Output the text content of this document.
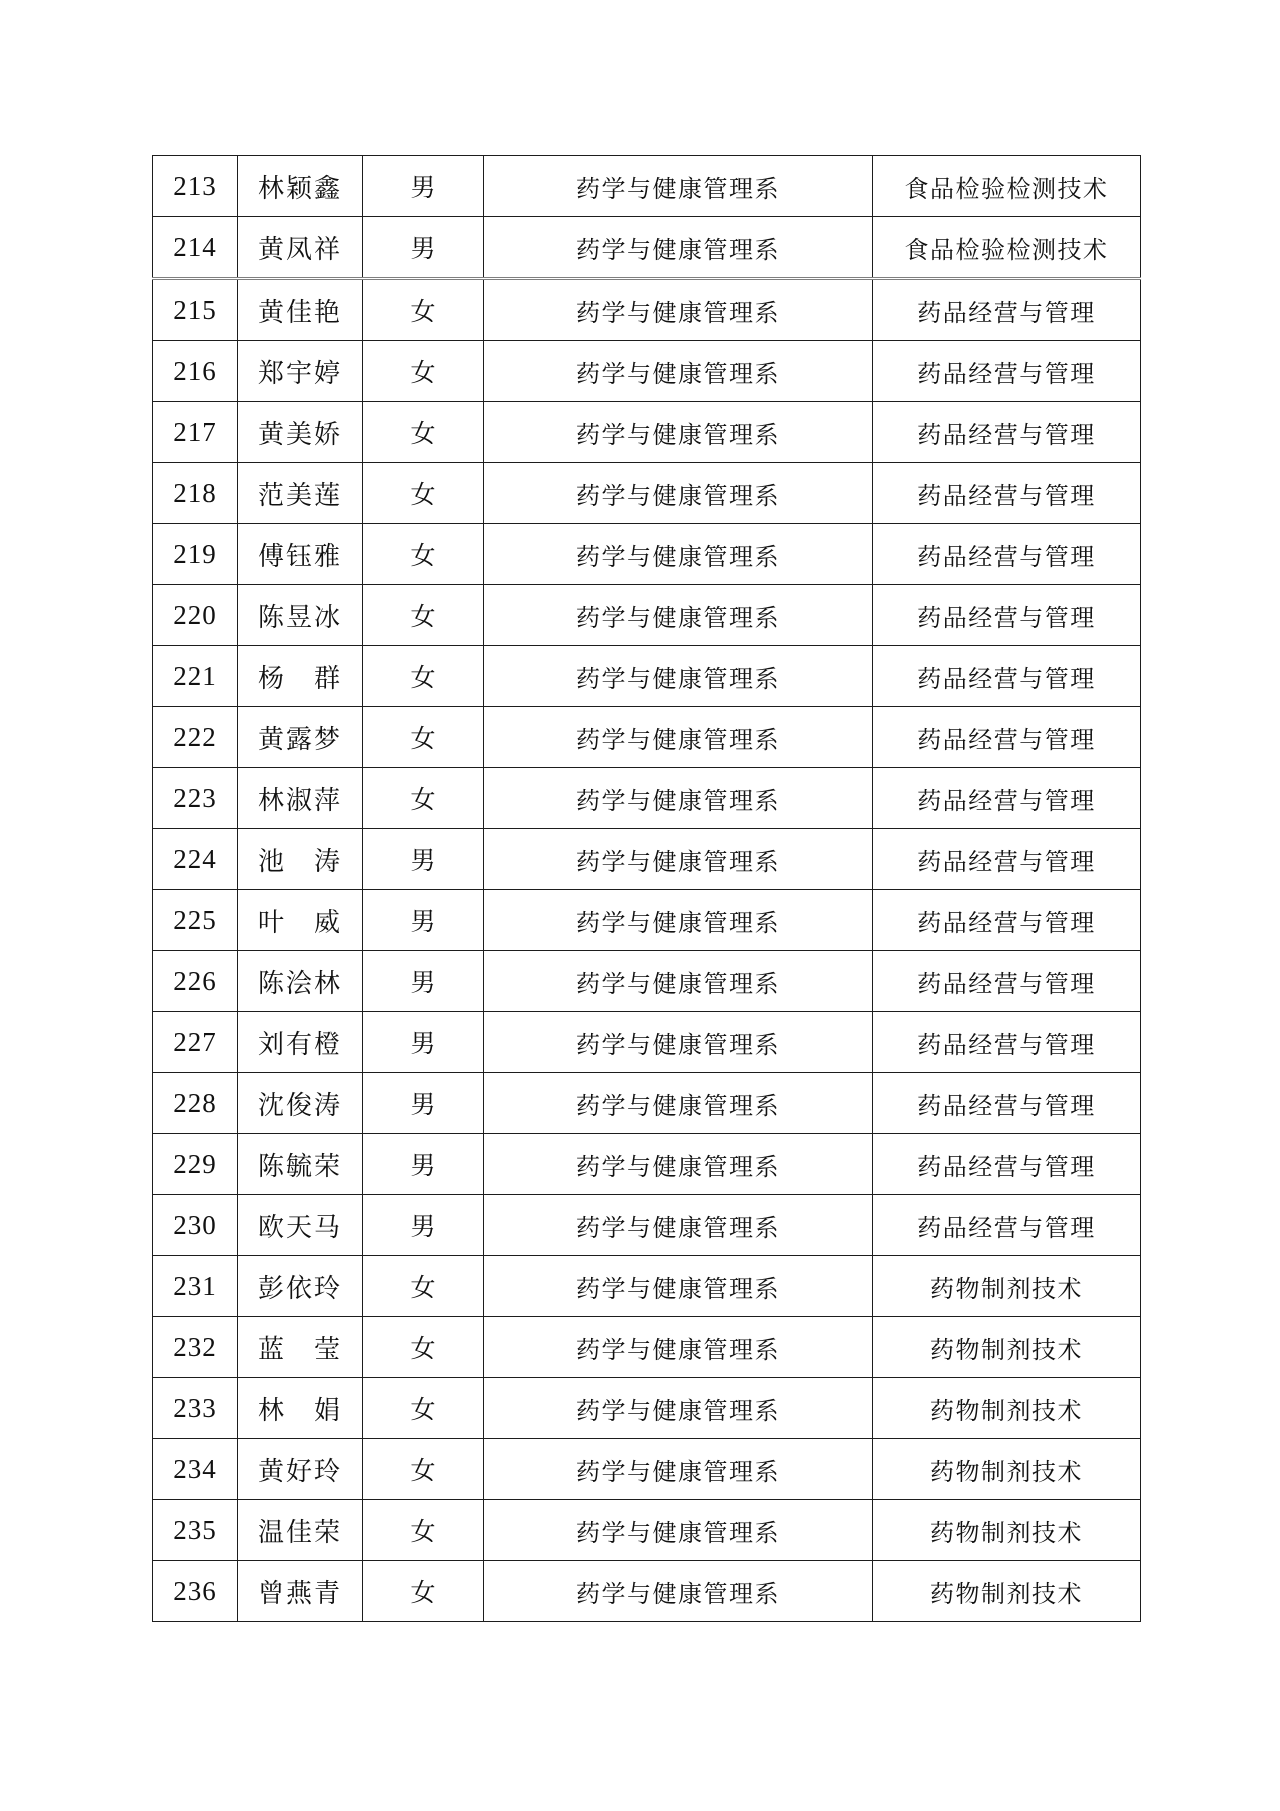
213	林颖鑫	男	药学与健康管理系	食品检验检测技术
214	黄凤祥	男	药学与健康管理系	食品检验检测技术
215	黄佳艳	女	药学与健康管理系	药品经营与管理
216	郑宇婷	女	药学与健康管理系	药品经营与管理
217	黄美娇	女	药学与健康管理系	药品经营与管理
218	范美莲	女	药学与健康管理系	药品经营与管理
219	傅钰雅	女	药学与健康管理系	药品经营与管理
220	陈昱冰	女	药学与健康管理系	药品经营与管理
221	杨　群	女	药学与健康管理系	药品经营与管理
222	黄露梦	女	药学与健康管理系	药品经营与管理
223	林淑萍	女	药学与健康管理系	药品经营与管理
224	池　涛	男	药学与健康管理系	药品经营与管理
225	叶　威	男	药学与健康管理系	药品经营与管理
226	陈浍林	男	药学与健康管理系	药品经营与管理
227	刘有橙	男	药学与健康管理系	药品经营与管理
228	沈俊涛	男	药学与健康管理系	药品经营与管理
229	陈毓荣	男	药学与健康管理系	药品经营与管理
230	欧天马	男	药学与健康管理系	药品经营与管理
231	彭依玲	女	药学与健康管理系	药物制剂技术
232	蓝　莹	女	药学与健康管理系	药物制剂技术
233	林　娟	女	药学与健康管理系	药物制剂技术
234	黄好玲	女	药学与健康管理系	药物制剂技术
235	温佳荣	女	药学与健康管理系	药物制剂技术
236	曾燕青	女	药学与健康管理系	药物制剂技术
